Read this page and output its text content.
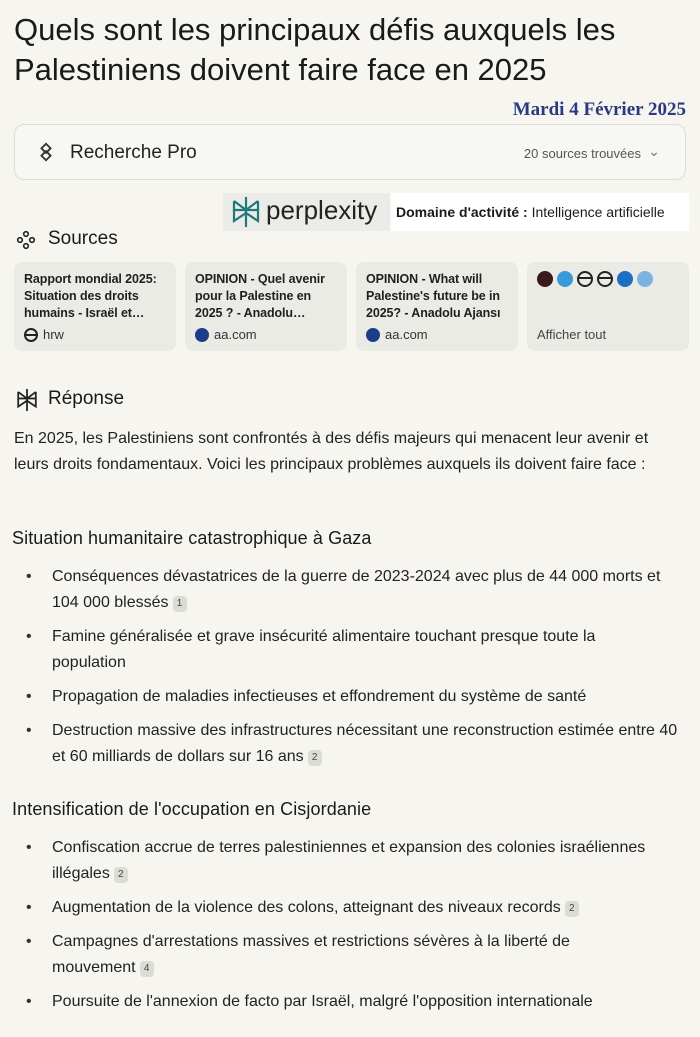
Quels sont les principaux défis auxquels les Palestiniens doivent faire face en 2025
Mardi 4 Février 2025
Recherche Pro	20 sources trouvées ⌄
perplexity	Domaine d'activité : Intelligence artificielle
Sources
Rapport mondial 2025: Situation des droits humains - Israël et…
hrw
OPINION - Quel avenir pour la Palestine en 2025 ? - Anadolu…
aa.com
OPINION - What will Palestine's future be in 2025? - Anadolu Ajansı
aa.com	Afficher tout
Réponse

En 2025, les Palestiniens sont confrontés à des défis majeurs qui menacent leur avenir et leurs droits fondamentaux. Voici les principaux problèmes auxquels ils doivent faire face :

Situation humanitaire catastrophique à Gaza
• Conséquences dévastatrices de la guerre de 2023-2024 avec plus de 44 000 morts et 104 000 blessés 1
• Famine généralisée et grave insécurité alimentaire touchant presque toute la population
• Propagation de maladies infectieuses et effondrement du système de santé
• Destruction massive des infrastructures nécessitant une reconstruction estimée entre 40 et 60 milliards de dollars sur 16 ans 2
Intensification de l'occupation en Cisjordanie
• Confiscation accrue de terres palestiniennes et expansion des colonies israéliennes illégales 2
• Augmentation de la violence des colons, atteignant des niveaux records 2
• Campagnes d'arrestations massives et restrictions sévères à la liberté de mouvement 4
• Poursuite de l'annexion de facto par Israël, malgré l'opposition internationale
